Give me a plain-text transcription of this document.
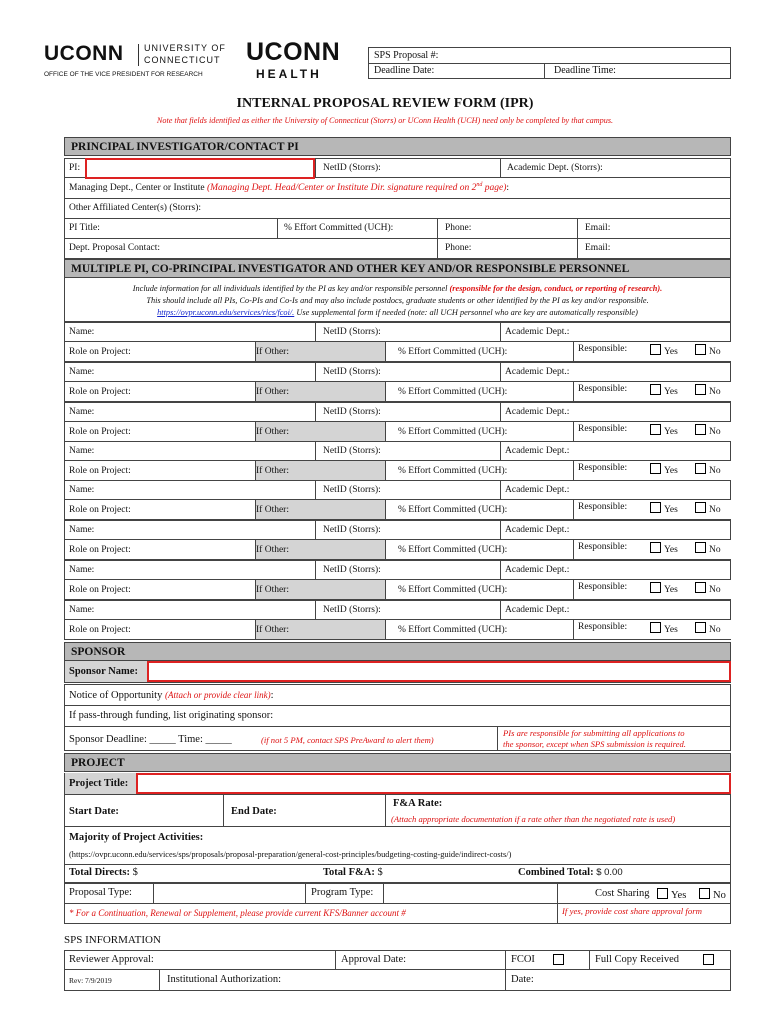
UCONN UNIVERSITY OF
CONNECTICUT
OFFICE OF THE VICE PRESIDENT FOR RESEARCH
UCONN
HEALTH
SPS Proposal #:
Deadline Date:	Deadline Time:
INTERNAL PROPOSAL REVIEW FORM (IPR)
Note that fields identified as either the University of Connecticut (Storrs) or UConn Health (UCH) need only be completed by that campus.
PRINCIPAL INVESTIGATOR/CONTACT PI
PI:	NetID (Storrs):	Academic Dept. (Storrs):
Managing Dept., Center or Institute (Managing Dept. Head/Center or Institute Dir. signature required on 2nd page):
Other Affiliated Center(s) (Storrs):
PI Title:	% Effort Committed (UCH):	Phone:	Email:
Dept. Proposal Contact:	Phone:	Email:
MULTIPLE PI, CO-PRINCIPAL INVESTIGATOR AND OTHER KEY AND/OR RESPONSIBLE PERSONNEL
Include information for all individuals identified by the PI as key and/or responsible personnel (responsible for the design, conduct, or reporting of research).
This should include all PIs, Co-PIs and Co-Is and may also include postdocs, graduate students or other identified by the PI as key and/or responsible.
https://ovpr.uconn.edu/services/rics/fcoi/. Use supplemental form if needed (note: all UCH personnel who are key are automatically responsible)
Name:	NetID (Storrs):	Academic Dept.:
Role on Project:	If Other:	% Effort Committed (UCH):	Responsible:	Yes	No
Name:	NetID (Storrs):	Academic Dept.:
Role on Project:	If Other:	% Effort Committed (UCH):	Responsible:	Yes	No
Name:	NetID (Storrs):	Academic Dept.:
Role on Project:	If Other:	% Effort Committed (UCH):	Responsible:	Yes	No
Name:	NetID (Storrs):	Academic Dept.:
Role on Project:	If Other:	% Effort Committed (UCH):	Responsible:	Yes	No
Name:	NetID (Storrs):	Academic Dept.:
Role on Project:	If Other:	% Effort Committed (UCH):	Responsible:	Yes	No
Name:	NetID (Storrs):	Academic Dept.:
Role on Project:	If Other:	% Effort Committed (UCH):	Responsible:	Yes	No
Name:	NetID (Storrs):	Academic Dept.:
Role on Project:	If Other:	% Effort Committed (UCH):	Responsible:	Yes	No
Name:	NetID (Storrs):	Academic Dept.:
Role on Project:	If Other:	% Effort Committed (UCH):	Responsible:	Yes	No
SPONSOR
Sponsor Name:
Notice of Opportunity (Attach or provide clear link):
If pass-through funding, list originating sponsor:
Sponsor Deadline: _____ Time: _____	(if not 5 PM, contact SPS PreAward to alert them)
PIs are responsible for submitting all applications to
the sponsor, except when SPS submission is required.
PROJECT
Project Title:
Start Date:	End Date:
F&A Rate:
(Attach appropriate documentation if a rate other than the negotiated rate is used)
Majority of Project Activities:
(https://ovpr.uconn.edu/services/sps/proposals/proposal-preparation/general-cost-principles/budgeting-costing-guide/indirect-costs/)
Total Directs: $	Total F&A: $	Combined Total: $ 0.00
Proposal Type:	Program Type:	Cost Sharing	Yes	No
* For a Continuation, Renewal or Supplement, please provide current KFS/Banner account #	If yes, provide cost share approval form
SPS INFORMATION
Reviewer Approval:	Approval Date:	FCOI	Full Copy Received
Rev: 7/9/2019	Institutional Authorization:	Date:
